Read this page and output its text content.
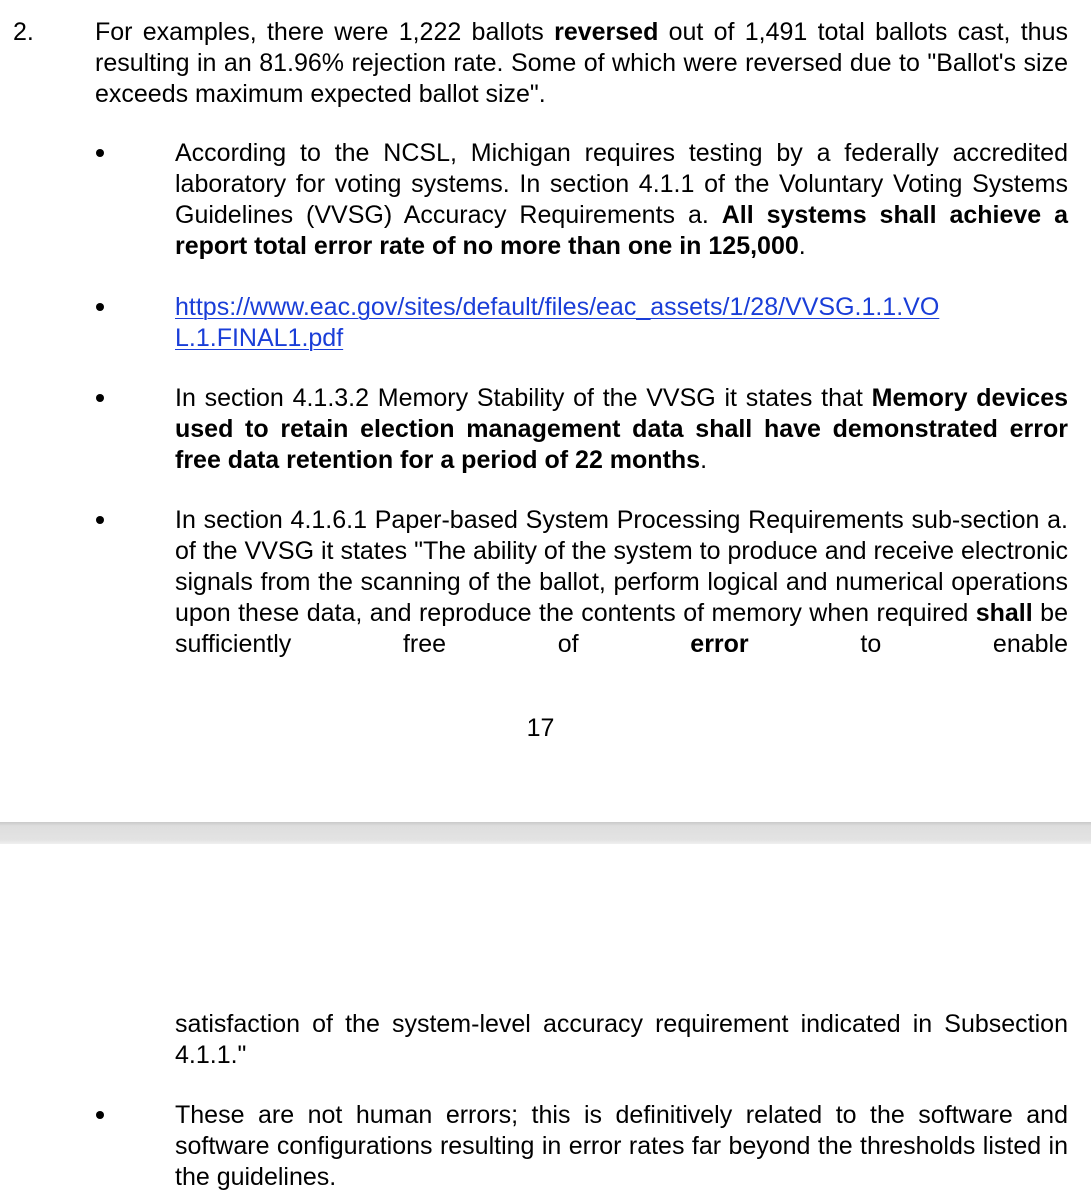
2. For examples, there were 1,222 ballots reversed out of 1,491 total ballots cast, thus resulting in an 81.96% rejection rate. Some of which were reversed due to "Ballot's size exceeds maximum expected ballot size".
According to the NCSL, Michigan requires testing by a federally accredited laboratory for voting systems. In section 4.1.1 of the Voluntary Voting Systems Guidelines (VVSG) Accuracy Requirements a. All systems shall achieve a report total error rate of no more than one in 125,000.
https://www.eac.gov/sites/default/files/eac_assets/1/28/VVSG.1.1.VOL.1.FINAL1.pdf
In section 4.1.3.2 Memory Stability of the VVSG it states that Memory devices used to retain election management data shall have demonstrated error free data retention for a period of 22 months.
In section 4.1.6.1 Paper-based System Processing Requirements sub-section a. of the VVSG it states "The ability of the system to produce and receive electronic signals from the scanning of the ballot, perform logical and numerical operations upon these data, and reproduce the contents of memory when required shall be sufficiently free of error to enable
17
satisfaction of the system-level accuracy requirement indicated in Subsection 4.1.1."
These are not human errors; this is definitively related to the software and software configurations resulting in error rates far beyond the thresholds listed in the guidelines.
